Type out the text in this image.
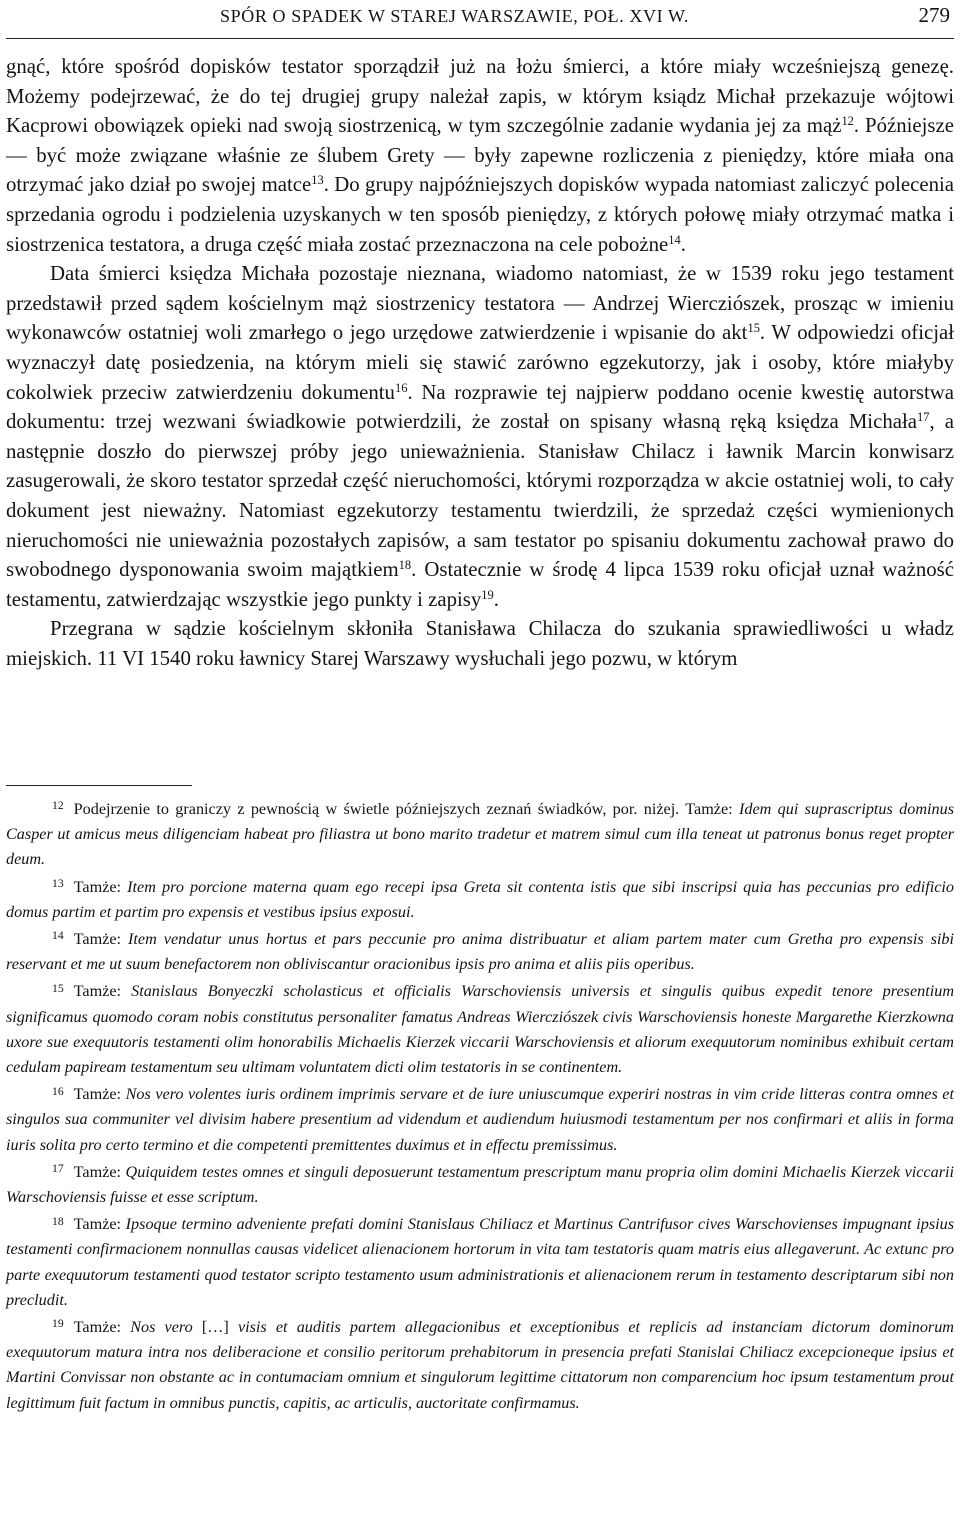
SPÓR O SPADEK W STAREJ WARSZAWIE, POŁ. XVI W.	279

gnąć, które spośród dopisków testator sporządził już na łożu śmierci, a które miały wcześniejszą genezę. Możemy podejrzewać, że do tej drugiej grupy należał zapis, w którym ksiądz Michał przekazuje wójtowi Kacprowi obowiązek opieki nad swoją siostrzenicą, w tym szczególnie zadanie wydania jej za mąż$^{12}$. Późniejsze — być może związane właśnie ze ślubem Grety — były zapewne rozliczenia z pieniędzy, które miała ona otrzymać jako dział po swojej matce$^{13}$. Do grupy najpóźniejszych dopisków wypada natomiast zaliczyć polecenia sprzedania ogrodu i podzielenia uzyskanych w ten sposób pieniędzy, z których połowę miały otrzymać matka i siostrzenica testatora, a druga część miała zostać przeznaczona na cele pobożne$^{14}$.

Data śmierci księdza Michała pozostaje nieznana, wiadomo natomiast, że w 1539 roku jego testament przedstawił przed sądem kościelnym mąż siostrzenicy testatora — Andrzej Wiercziószek, prosząc w imieniu wykonawców ostatniej woli zmarłego o jego urzędowe zatwierdzenie i wpisanie do akt$^{15}$. W odpowiedzi oficjał wyznaczył datę posiedzenia, na którym mieli się stawić zarówno egzekutorzy, jak i osoby, które miałyby cokolwiek przeciw zatwierdzeniu dokumentu$^{16}$. Na rozprawie tej najpierw poddano ocenie kwestię autorstwa dokumentu: trzej wezwani świadkowie potwierdzili, że został on spisany własną ręką księdza Michała$^{17}$, a następnie doszło do pierwszej próby jego unieważnienia. Stanisław Chilacz i ławnik Marcin konwisarz zasugerowali, że skoro testator sprzedał część nieruchomości, którymi rozporządza w akcie ostatniej woli, to cały dokument jest nieważny. Natomiast egzekutorzy testamentu twierdzili, że sprzedaż części wymienionych nieruchomości nie unieważnia pozostałych zapisów, a sam testator po spisaniu dokumentu zachował prawo do swobodnego dysponowania swoim majątkiem$^{18}$. Ostatecznie w środę 4 lipca 1539 roku oficjał uznał ważność testamentu, zatwierdzając wszystkie jego punkty i zapisy$^{19}$.

Przegrana w sądzie kościelnym skłoniła Stanisława Chilacza do szukania sprawiedliwości u władz miejskich. 11 VI 1540 roku ławnicy Starej Warszawy wysłuchali jego pozwu, w którym

$^{12}$ Podejrzenie to graniczy z pewnością w świetle późniejszych zeznań świadków, por. niżej. Tamże: Idem qui suprascriptus dominus Casper ut amicus meus diligenciam habeat pro filiastra ut bono marito tradetur et matrem simul cum illa teneat ut patronus bonus reget propter deum.

$^{13}$ Tamże: Item pro porcione materna quam ego recepi ipsa Greta sit contenta istis que sibi inscripsi quia has peccunias pro edificio domus partim et partim pro expensis et vestibus ipsius exposui.

$^{14}$ Tamże: Item vendatur unus hortus et pars peccunie pro anima distribuatur et aliam partem mater cum Gretha pro expensis sibi reservant et me ut suum benefactorem non obliviscantur oracionibus ipsis pro anima et aliis piis operibus.

$^{15}$ Tamże: Stanislaus Bonyeczki scholasticus et officialis Warschoviensis universis et singulis quibus expedit tenore presentium significamus quomodo coram nobis constitutus personaliter famatus Andreas Wiercziószek civis Warschoviensis honeste Margarethe Kierzkowna uxore sue exequutoris testamenti olim honorabilis Michaelis Kierzek viccarii Warschoviensis et aliorum exequutorum nominibus exhibuit certam cedulam papiream testamentum seu ultimam voluntatem dicti olim testatoris in se continentem.

$^{16}$ Tamże: Nos vero volentes iuris ordinem imprimis servare et de iure uniuscumque experiri nostras in vim cride litteras contra omnes et singulos sua communiter vel divisim habere presentium ad videndum et audiendum huiusmodi testamentum per nos confirmari et aliis in forma iuris solita pro certo termino et die competenti premittentes duximus et in effectu premissimus.

$^{17}$ Tamże: Quiquidem testes omnes et singuli deposuerunt testamentum prescriptum manu propria olim domini Michaelis Kierzek viccarii Warschoviensis fuisse et esse scriptum.

$^{18}$ Tamże: Ipsoque termino adveniente prefati domini Stanislaus Chiliacz et Martinus Cantrifusor cives Warschovienses impugnant ipsius testamenti confirmacionem nonnullas causas videlicet alienacionem hortorum in vita tam testatoris quam matris eius allegaverunt. Ac extunc pro parte exequutorum testamenti quod testator scripto testamento usum administrationis et alienacionem rerum in testamento descriptarum sibi non precludit.

$^{19}$ Tamże: Nos vero […] visis et auditis partem allegacionibus et exceptionibus et replicis ad instanciam dictorum dominorum exequutorum matura intra nos deliberacione et consilio peritorum prehabitorum in presencia prefati Stanislai Chiliacz excepcioneque ipsius et Martini Convissar non obstante ac in contumaciam omnium et singulorum legittime cittatorum non comparencium hoc ipsum testamentum prout legittimum fuit factum in omnibus punctis, capitis, ac articulis, auctoritate confirmamus.
